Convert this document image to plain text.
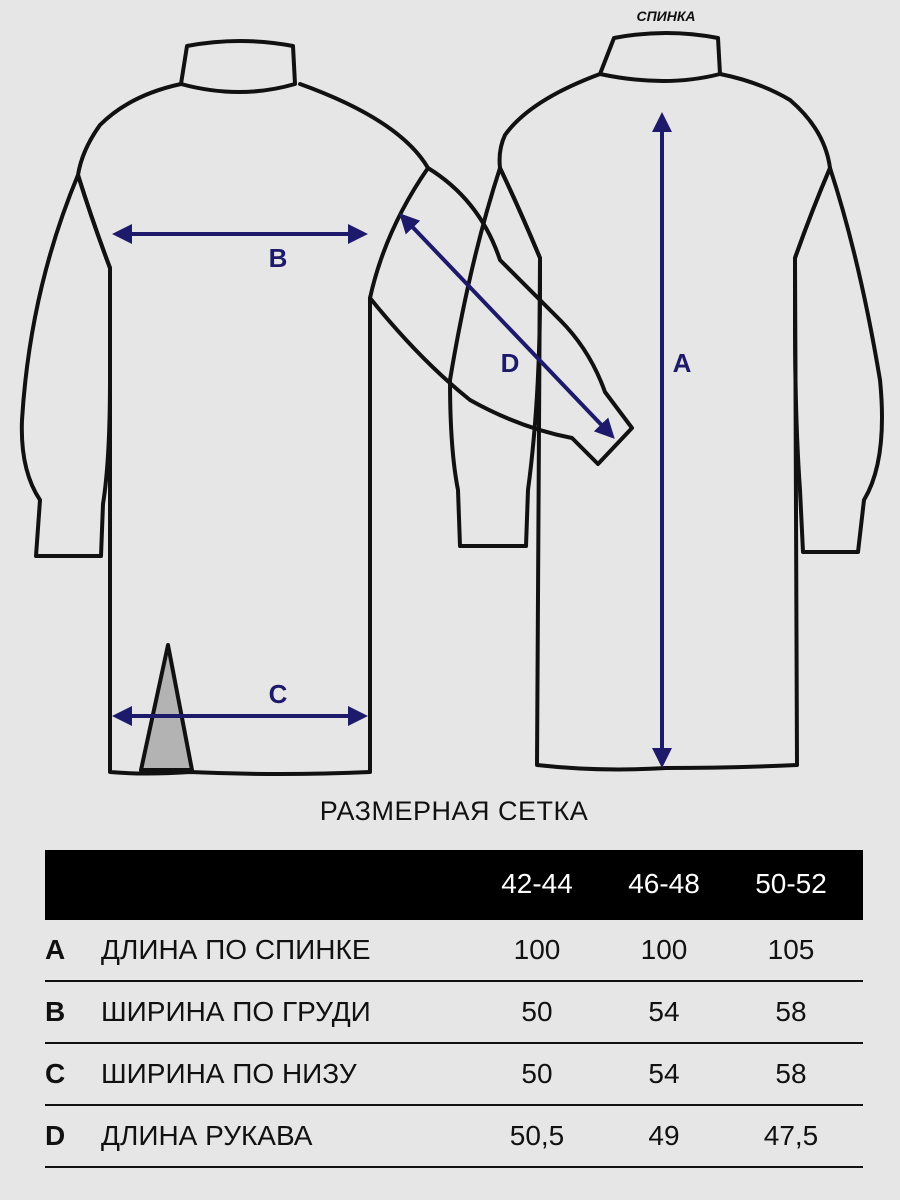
СПИНКА
B
C
D	A
РАЗМЕРНАЯ СЕТКА
42-44	46-48	50-52
A ДЛИНА ПО СПИНКЕ	100	100	105
B ШИРИНА ПО ГРУДИ	50	54	58
C ШИРИНА ПО НИЗУ	50	54	58
D ДЛИНА РУКАВА	50,5	49	47,5
